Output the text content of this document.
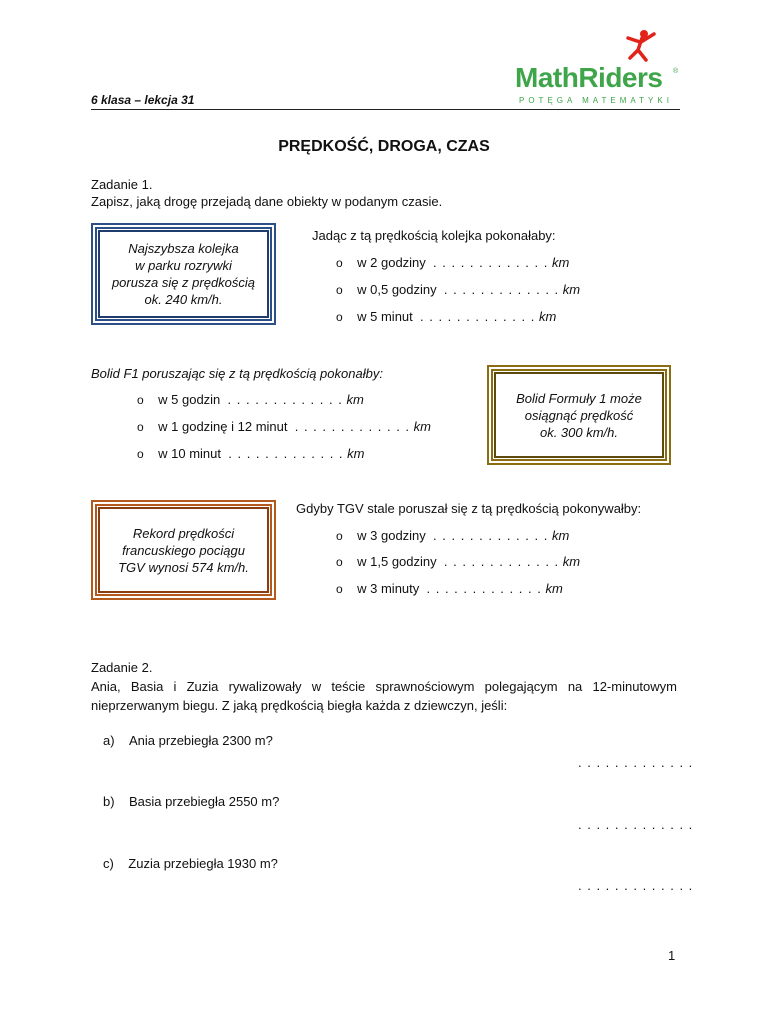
6 klasa – lekcja 31
MathRiders ®
POTĘGA MATEMATYKI
PRĘDKOŚĆ, DROGA, CZAS
Zadanie 1.
Zapisz, jaką drogę przejadą dane obiekty w podanym czasie.
Najszybsza kolejka
w parku rozrywki
porusza się z prędkością
ok. 240 km/h.
Jadąc z tą prędkością kolejka pokonałaby:
o w 2 godziny . . . . . . . . . . . . . km
o w 0,5 godziny . . . . . . . . . . . . . km
o w 5 minut . . . . . . . . . . . . . km
Bolid F1 poruszając się z tą prędkością pokonałby:
o w 5 godzin . . . . . . . . . . . . . km
o w 1 godzinę i 12 minut . . . . . . . . . . . . . km
o w 10 minut . . . . . . . . . . . . . km
Bolid Formuły 1 może
osiągnąć prędkość
ok. 300 km/h.
Rekord prędkości
francuskiego pociągu
TGV wynosi 574 km/h.
Gdyby TGV stale poruszał się z tą prędkością pokonywałby:
o w 3 godziny . . . . . . . . . . . . . km
o w 1,5 godziny . . . . . . . . . . . . . km
o w 3 minuty . . . . . . . . . . . . . km
Zadanie 2.
Ania, Basia i Zuzia rywalizowały w teście sprawnościowym polegającym na 12-minutowym nieprzerwanym biegu. Z jaką prędkością biegła każda z dziewczyn, jeśli:
a) Ania przebiegła 2300 m?
. . . . . . . . . . . . .
b) Basia przebiegła 2550 m?
. . . . . . . . . . . . .
c) Zuzia przebiegła 1930 m?
. . . . . . . . . . . . .
1
